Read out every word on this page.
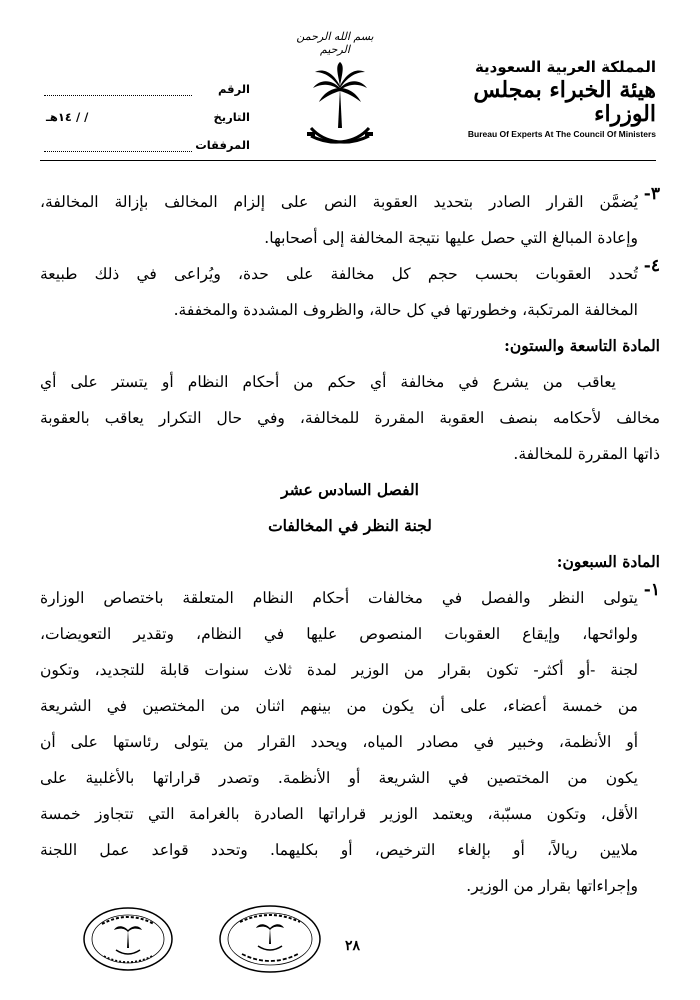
بسم الله الرحمن الرحيم
المملكة العربية السعودية
هيئة الخبراء بمجلس الوزراء
Bureau Of Experts At The Council Of Ministers
الرقم
التاريخ
/ / ١٤هـ
المرفقات
٣-
يُضمَّن القرار الصادر بتحديد العقوبة النص على إلزام المخالف بإزالة المخالفة،
وإعادة المبالغ التي حصل عليها نتيجة المخالفة إلى أصحابها.
٤-
تُحدد العقوبات بحسب حجم كل مخالفة على حدة، ويُراعى في ذلك طبيعة
المخالفة المرتكبة، وخطورتها في كل حالة، والظروف المشددة والمخففة.
المادة التاسعة والستون:
يعاقب من يشرع في مخالفة أي حكم من أحكام النظام أو يتستر على أي
مخالف لأحكامه بنصف العقوبة المقررة للمخالفة، وفي حال التكرار يعاقب بالعقوبة
ذاتها المقررة للمخالفة.
الفصل السادس عشر
لجنة النظر في المخالفات
المادة السبعون:
١-
يتولى النظر والفصل في مخالفات أحكام النظام المتعلقة باختصاص الوزارة
ولوائحها، وإيقاع العقوبات المنصوص عليها في النظام، وتقدير التعويضات،
لجنة -أو أكثر- تكون بقرار من الوزير لمدة ثلاث سنوات قابلة للتجديد، وتكون
من خمسة أعضاء، على أن يكون من بينهم اثنان من المختصين في الشريعة
أو الأنظمة، وخبير في مصادر المياه، ويحدد القرار من يتولى رئاستها على أن
يكون من المختصين في الشريعة أو الأنظمة. وتصدر قراراتها بالأغلبية على
الأقل، وتكون مسبّبة، ويعتمد الوزير قراراتها الصادرة بالغرامة التي تتجاوز خمسة
ملايين ريالاً، أو بإلغاء الترخيص، أو بكليهما. وتحدد قواعد عمل اللجنة
وإجراءاتها بقرار من الوزير.
٢٨
